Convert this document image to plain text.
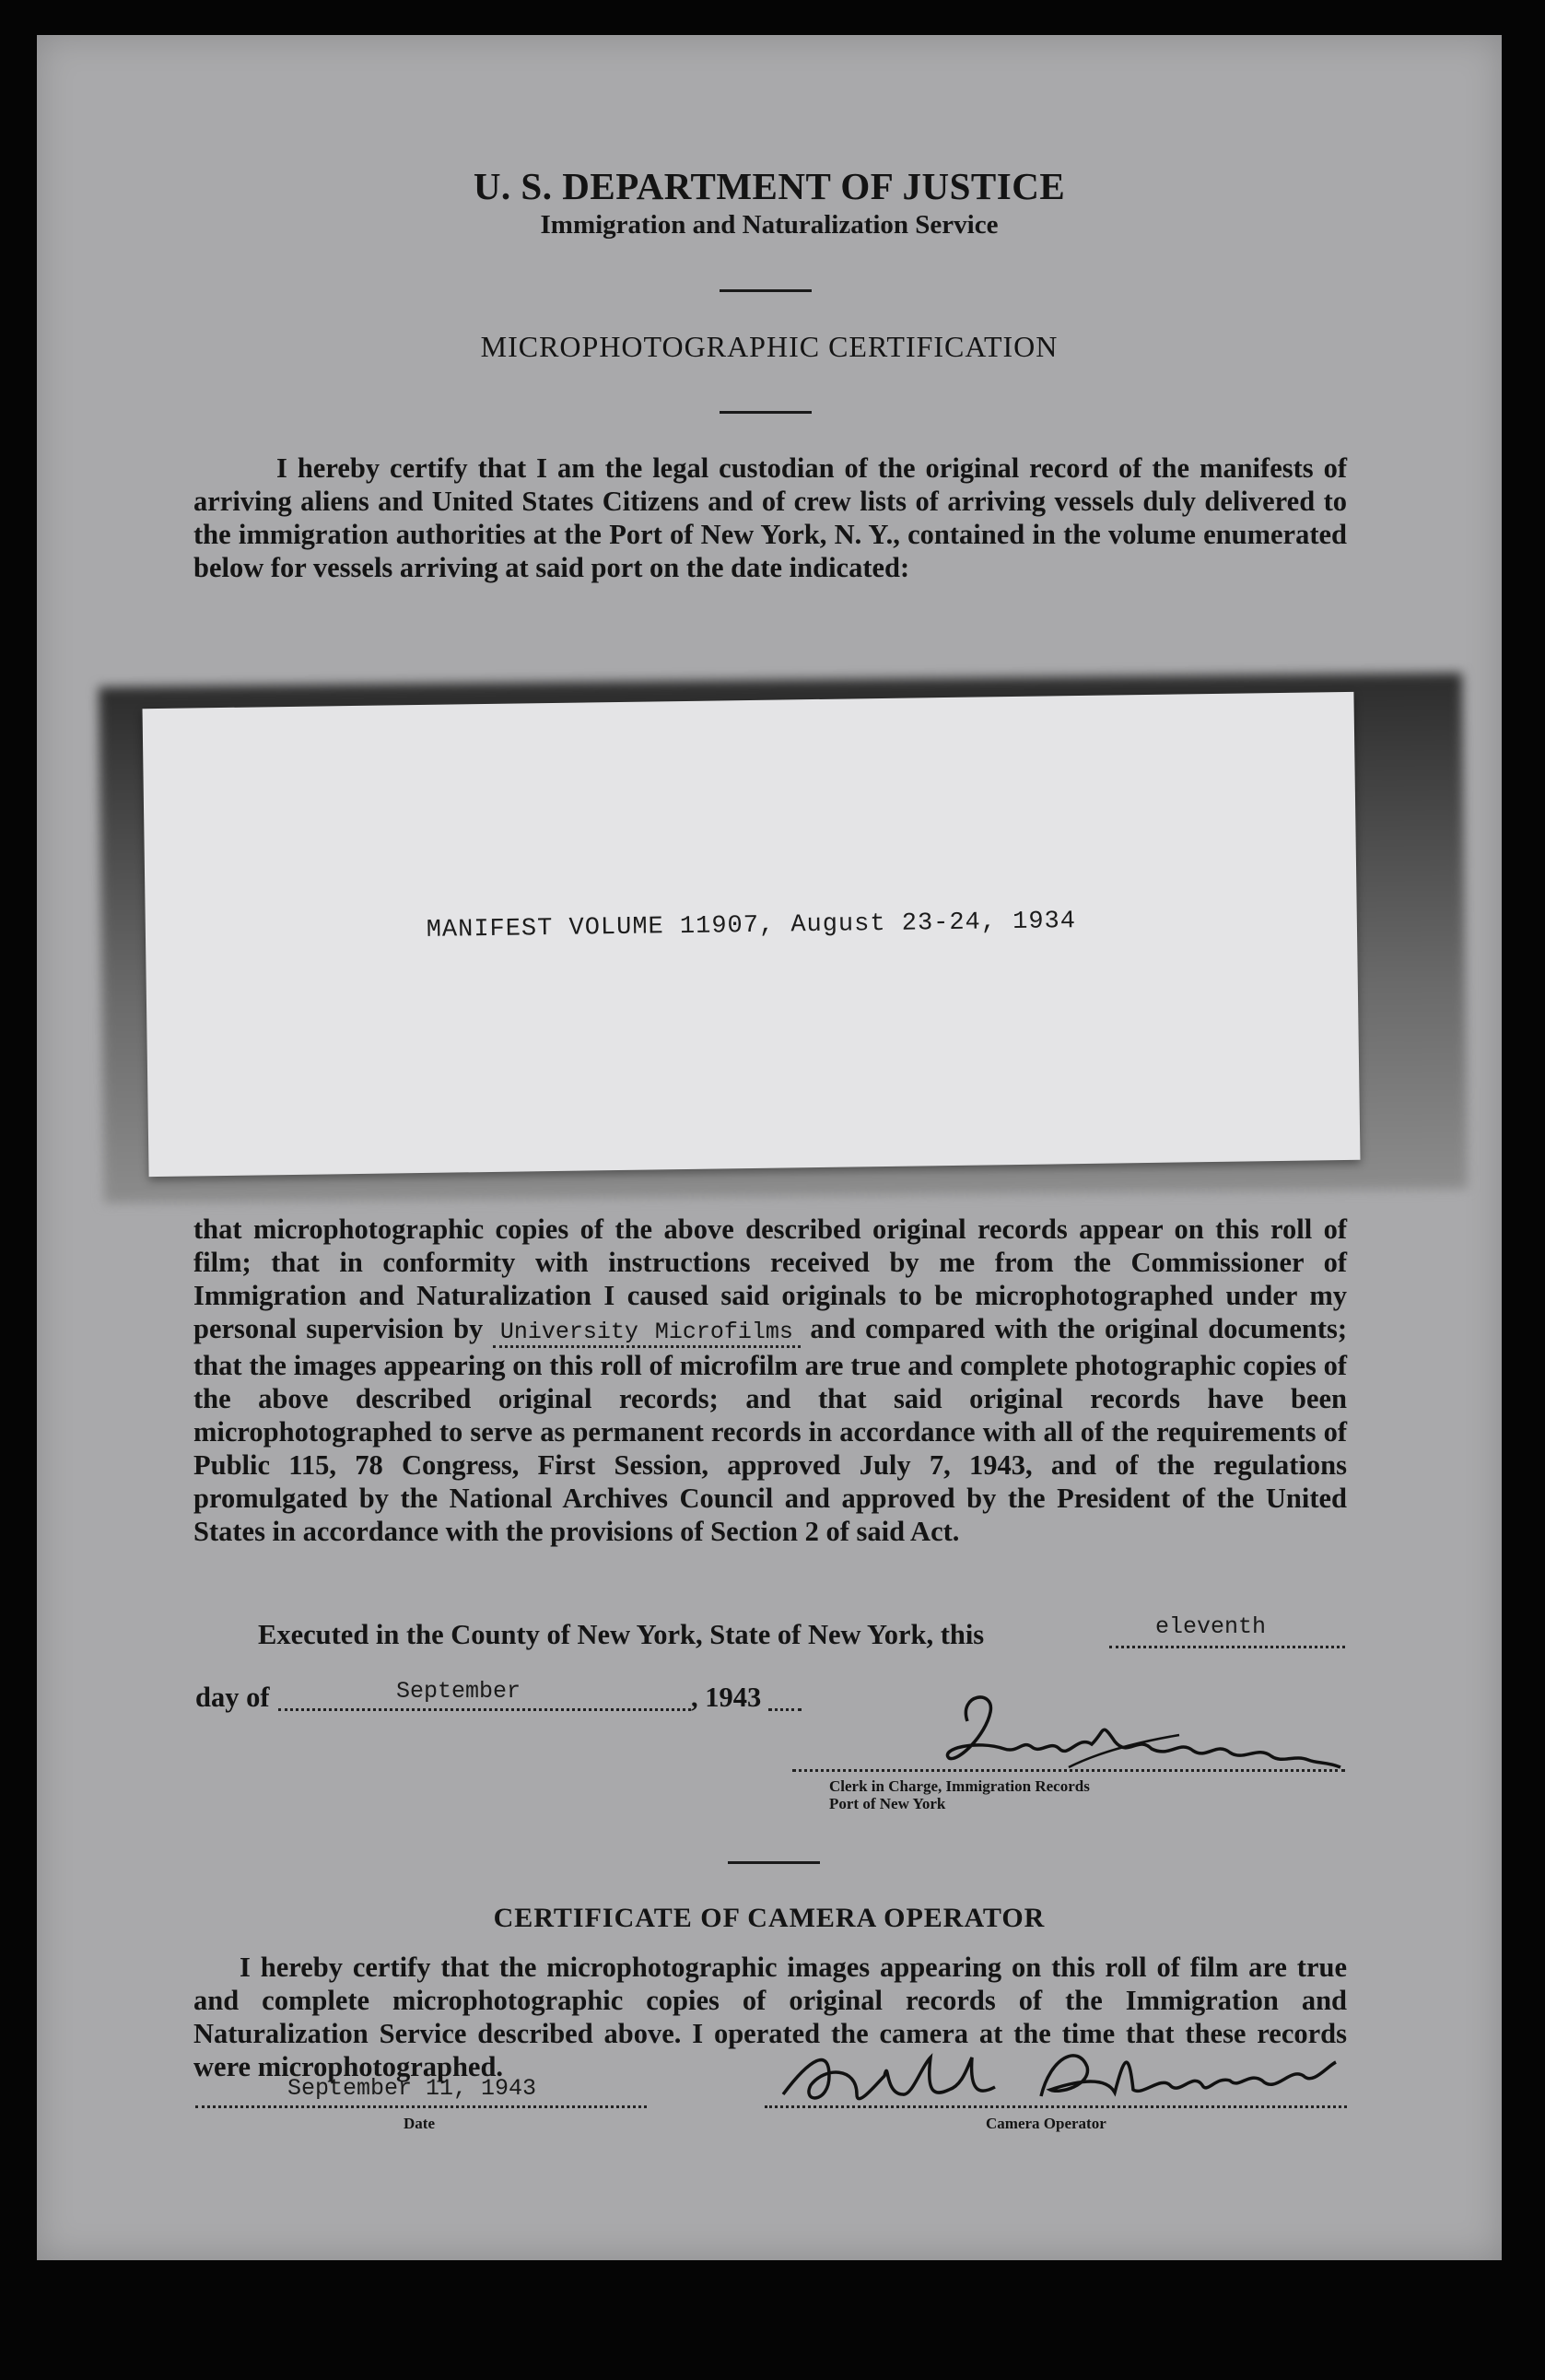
U. S. DEPARTMENT OF JUSTICE
Immigration and Naturalization Service
MICROPHOTOGRAPHIC CERTIFICATION
I hereby certify that I am the legal custodian of the original record of the manifests of arriving aliens and United States Citizens and of crew lists of arriving vessels duly delivered to the immigration authorities at the Port of New York, N. Y., contained in the volume enumerated below for vessels arriving at said port on the date indicated:
MANIFEST VOLUME 11907, August 23-24, 1934
that microphotographic copies of the above described original records appear on this roll of film; that in conformity with instructions received by me from the Commissioner of Immigration and Naturalization I caused said originals to be microphotographed under my personal supervision by University Microfilms and compared with the original documents; that the images appearing on this roll of microfilm are true and complete photographic copies of the above described original records; and that said original records have been microphotographed to serve as permanent records in accordance with all of the requirements of Public 115, 78 Congress, First Session, approved July 7, 1943, and of the regulations promulgated by the National Archives Council and approved by the President of the United States in accordance with the provisions of Section 2 of said Act.
Executed in the County of New York, State of New York, this	eleventh
day of	September	, 1943
Clerk in Charge, Immigration Records
Port of New York
CERTIFICATE OF CAMERA OPERATOR
I hereby certify that the microphotographic images appearing on this roll of film are true and complete microphotographic copies of original records of the Immigration and Naturalization Service described above. I operated the camera at the time that these records were microphotographed.
September 11, 1943
Date	Camera Operator
